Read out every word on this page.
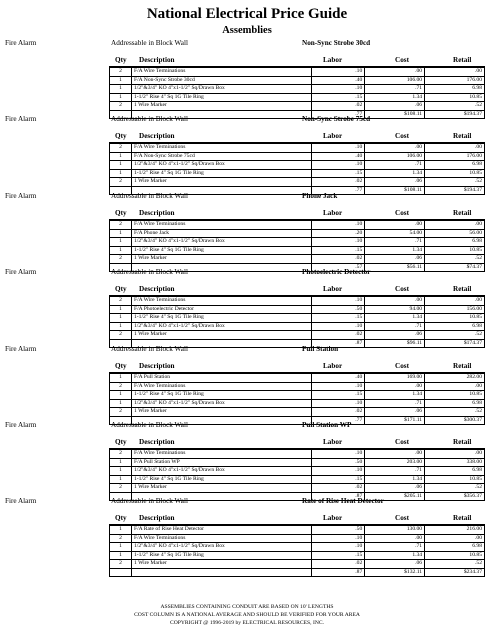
National Electrical Price Guide
Assemblies
Fire Alarm	Addressable in Block Wall	Non-Sync Strobe 30cd
Qty Description	Labor	Cost	Retail
2	F/A Wire Terminations	.10	.00	.00
1	F/A Non-Sync Strobe 30cd	.40	106.00	176.00
1	1/2"&3/4" KO 4"x1-1/2" Sq/Drawn Box	.10	.71	6.98
1	1-1/2" Rise 4" Sq 1G Tile Ring	.15	1.34	10.85
2	1 Wire Marker	.02	.06	.52
		.77	$108.11	$194.37
Fire Alarm	Addressable in Block Wall	Non-Sync Strobe 75cd
Qty Description	Labor	Cost	Retail
2	F/A Wire Terminations	.10	.00	.00
1	F/A Non-Sync Strobe 75cd	.40	106.00	176.00
1	1/2"&3/4" KO 4"x1-1/2" Sq/Drawn Box	.10	.71	6.98
1	1-1/2" Rise 4" Sq 1G Tile Ring	.15	1.34	10.85
2	1 Wire Marker	.02	.06	.52
		.77	$108.11	$194.37
Fire Alarm	Addressable in Block Wall	Phone Jack
Qty Description	Labor	Cost	Retail
2	F/A Wire Terminations	.10	.00	.00
1	F/A Phone Jack	.20	54.00	56.00
1	1/2"&3/4" KO 4"x1-1/2" Sq/Drawn Box	.10	.71	6.98
1	1-1/2" Rise 4" Sq 1G Tile Ring	.15	1.34	10.85
2	1 Wire Marker	.02	.06	.52
		.57	$56.11	$74.37
Fire Alarm	Addressable in Block Wall	Photoelectric Detector
Qty Description	Labor	Cost	Retail
2	F/A Wire Terminations	.10	.00	.00
1	F/A Photoelectric Detector	.50	94.00	156.00
1	1-1/2" Rise 4" Sq 1G Tile Ring	.15	1.34	10.85
1	1/2"&3/4" KO 4"x1-1/2" Sq/Drawn Box	.10	.71	6.98
2	1 Wire Marker	.02	.06	.52
		.87	$96.11	$174.37
Fire Alarm	Addressable in Block Wall	Pull Station
Qty Description	Labor	Cost	Retail
1	F/A Pull Station	.40	169.00	282.00
2	F/A Wire Terminations	.10	.00	.00
1	1-1/2" Rise 4" Sq 1G Tile Ring	.15	1.34	10.85
1	1/2"&3/4" KO 4"x1-1/2" Sq/Drawn Box	.10	.71	6.98
2	1 Wire Marker	.02	.06	.52
		.77	$171.11	$300.37
Fire Alarm	Addressable in Block Wall	Pull Station WP
Qty Description	Labor	Cost	Retail
2	F/A Wire Terminations	.10	.00	.00
1	F/A Pull Station WP	.50	203.00	338.00
1	1/2"&3/4" KO 4"x1-1/2" Sq/Drawn Box	.10	.71	6.98
1	1-1/2" Rise 4" Sq 1G Tile Ring	.15	1.34	10.85
2	1 Wire Marker	.02	.06	.52
		.87	$205.11	$356.37
Fire Alarm	Addressable in Block Wall	Rate of Rise Heat Detector
Qty Description	Labor	Cost	Retail
1	F/A Rate of Rise Heat Detector	.50	130.00	216.00
2	F/A Wire Terminations	.10	.00	.00
1	1/2"&3/4" KO 4"x1-1/2" Sq/Drawn Box	.10	.71	6.98
1	1-1/2" Rise 4" Sq 1G Tile Ring	.15	1.34	10.85
2	1 Wire Marker	.02	.06	.52
		.87	$132.11	$234.37
ASSEMBLIES CONTAINING CONDUIT ARE BASED ON 10' LENGTHS
COST COLUMN IS A NATIONAL AVERAGE AND SHOULD BE VERIFIED FOR YOUR AREA
COPYRIGHT @ 1996-2019 by ELECTRICAL RESOURCES, INC.
